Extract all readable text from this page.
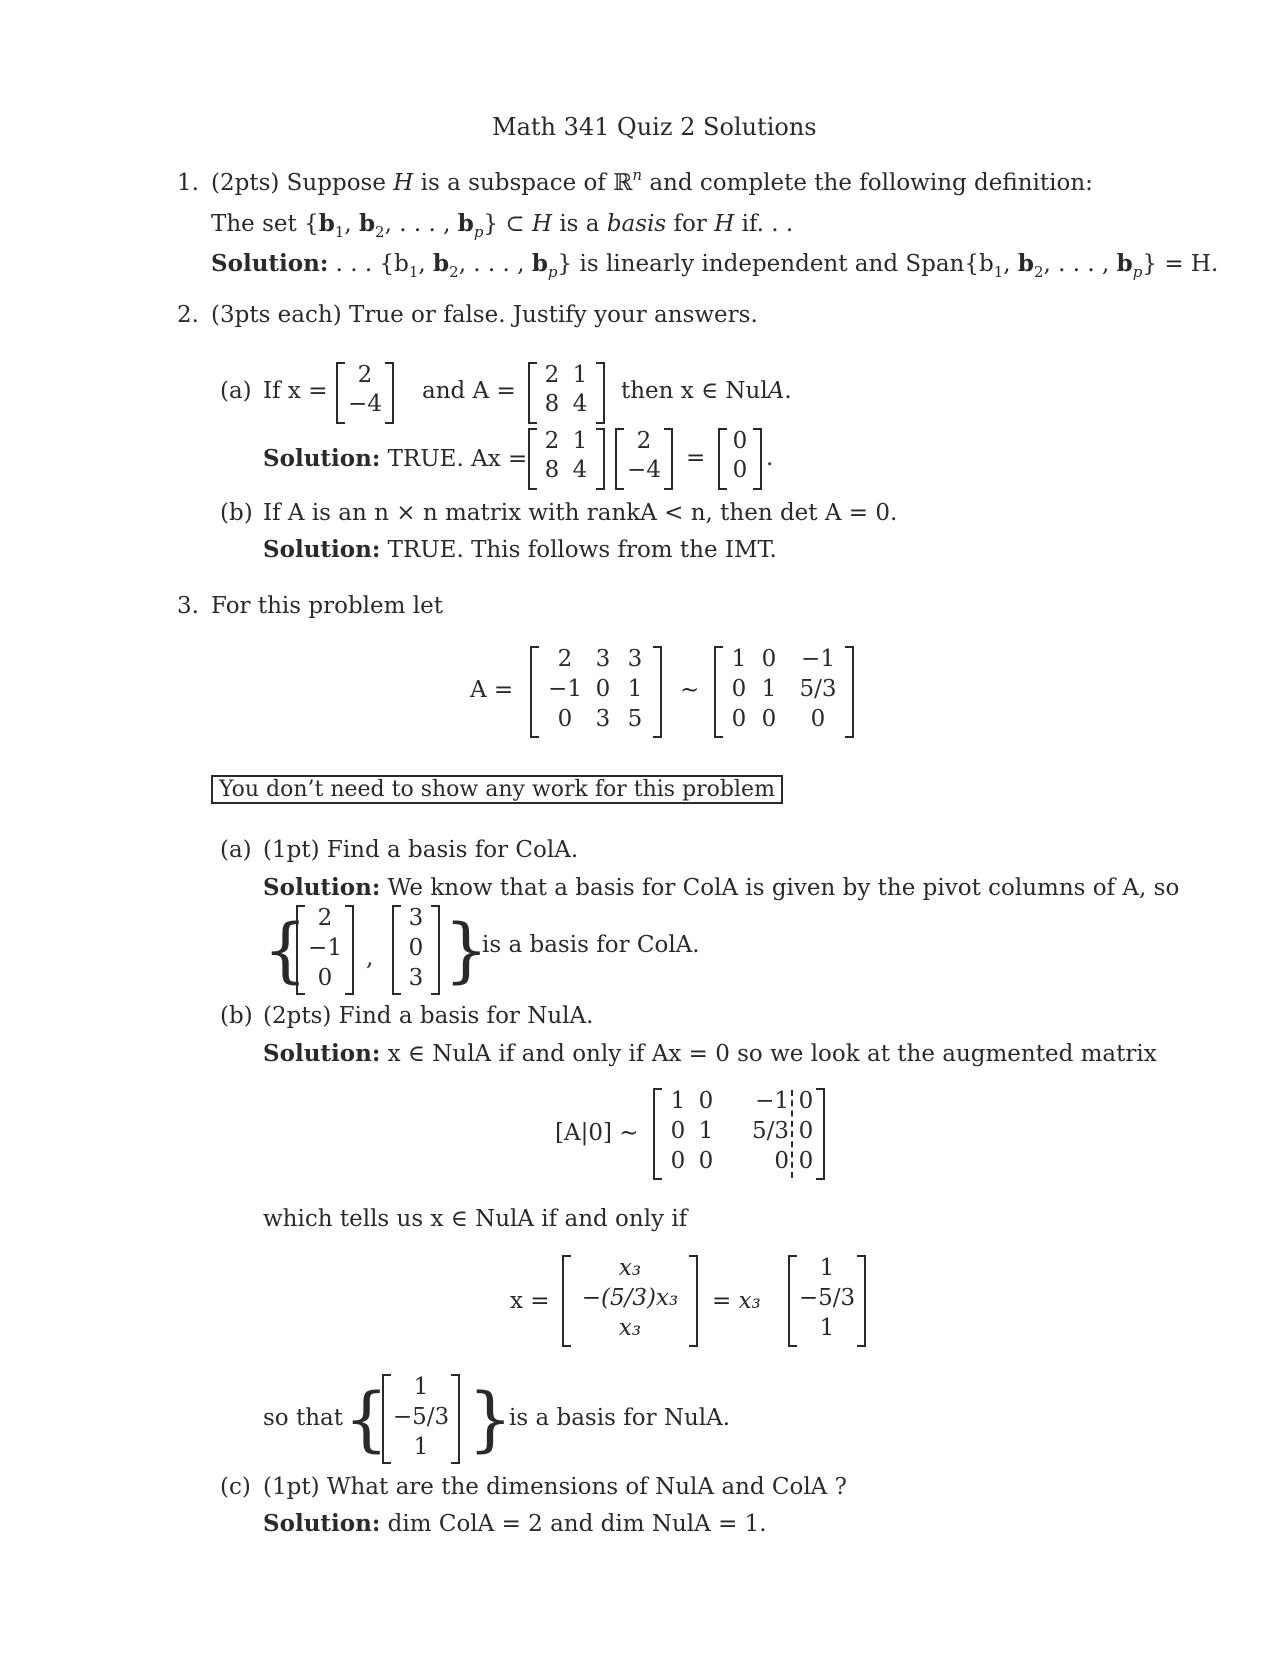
Math 341 Quiz 2 Solutions
1. (2pts) Suppose H is a subspace of ℝ$^n$ and complete the following definition:
The set {$b_1$, $b_2$, . . . , $b_p$} ⊂ H is a basis for H if. . .
Solution: . . . {$b_1$, $b_2$, . . . , $b_p$} is linearly independent and $Span\{b_1$, $b_2$, . . . , $b_p\} = H$.
2. (3pts each) True or false. Justify your answers.
(a) If x =
2
−4	and A =
2 1
8 4 then x ∈ NulA.
Solution: TRUE. Ax =
2 1
8 4
2
−4	=
0
0 .
(b) If A is an n × n matrix with rankA < n, then det A = 0.
Solution: TRUE. This follows from the IMT.
3. For this problem let
A =
2	3 3
−1 0 1
0	3 5
∼
1 0	−1
0 1	5/3
0 0	0
You don’t need to show any work for this problem
(a) (1pt) Find a basis for ColA.
Solution: We know that a basis for ColA is given by the pivot columns of A, so
{ 2
−1
0
,
3
0
3 }
is a basis for ColA.
(b) (2pts) Find a basis for NulA.
Solution: x ∈ NulA if and only if Ax = 0 so we look at the augmented matrix
[A|0] ∼
1 0	−1 0
0 1	5/3 0
0 0	0 0
which tells us x ∈ NulA if and only if
x =
x₃
−(5/3)x₃
x₃
= x₃
1
−5/3
1
so that {	1
−5/3
1 }
is a basis for NulA.
(c) (1pt) What are the dimensions of NulA and ColA ?
Solution: dim ColA = 2 and dim NulA = 1.
